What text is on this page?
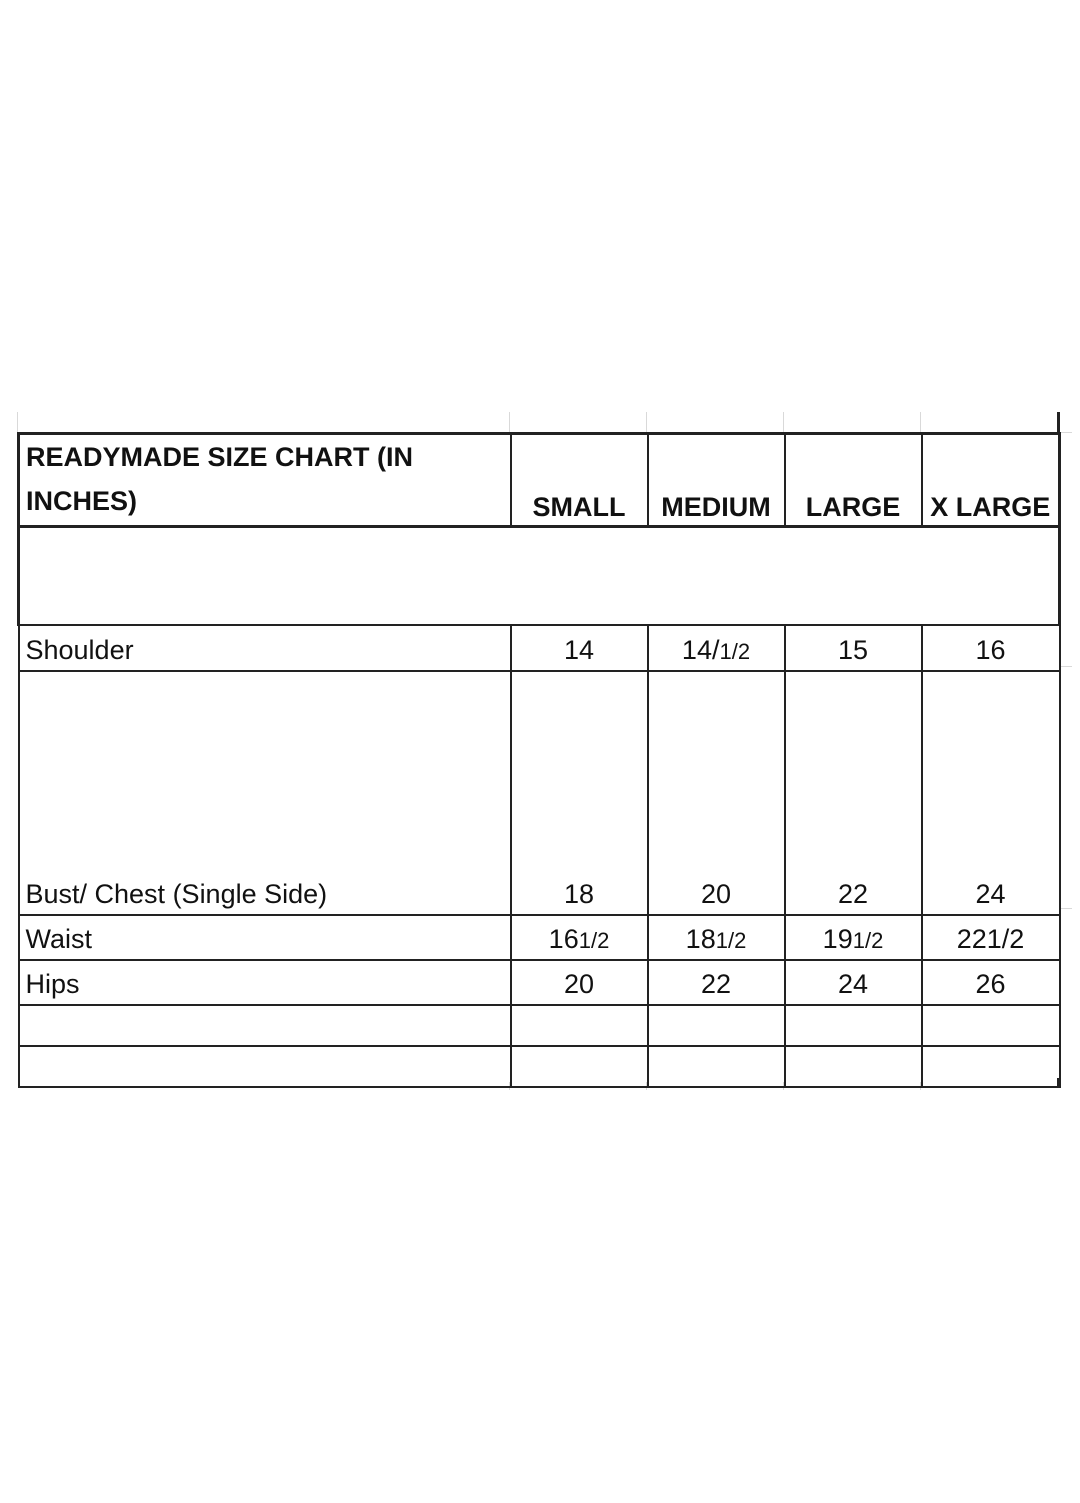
READYMADE SIZE CHART (IN INCHES)	SMALL	MEDIUM	LARGE	X LARGE

Shoulder	14	14/1/2	15	16
Bust/ Chest (Single Side)	18	20	22	24
Waist	161/2	181/2	191/2	221/2
Hips	20	22	24	26
